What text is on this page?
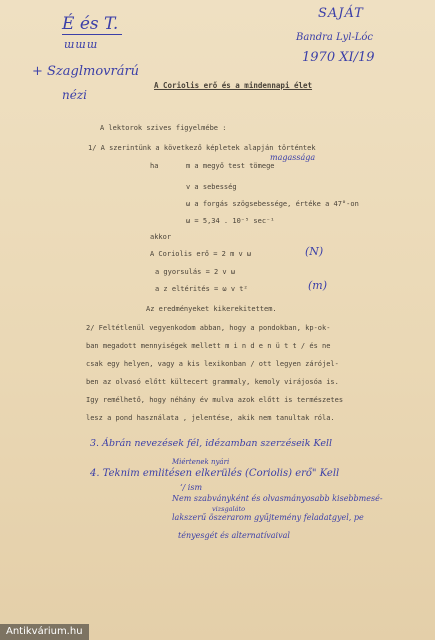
É és T.
ɯɯɯ
+ Szaglmovrárú
nézi
SAJÁT
Bandra Lyl-Lóc
1970 XI/19
A Coriolis erő és a mindennapi élet
A lektorok szives figyelmébe :
1/ A szerintünk a következő képletek alapján történtek
ha	m a megyő test tömege
magassága
v a sebesség
ω a forgás szögsebessége, értéke a 47°-on
ω = 5,34 . 10⁻⁵ sec⁻¹
akkor
A Coriolis erő = 2 m v ω	(N)
a gyorsulás = 2 v ω
a z eltérités = ω v t²	(m)
Az eredményeket kikerekitettem.
2/ Feltétlenül vegyenkodom abban, hogy a pondokban, kp-ok-
ban megadott mennyiségek mellett m i n d e n ü t t / és ne
csak egy helyen, vagy a kis lexikonban / ott legyen zárójel-
ben az olvasó előtt kültecert grammaly, kemoly virájosóa is.
Igy remélhető, hogy néhány év mulva azok előtt is természetes
lesz a pond használata , jelentése, akik nem tanultak róla.
3. Ábrán nevezések fél, idézamban szerzéseik Kell
Miértenek nyári
4. Teknim emlitésen elkerülés (Coriolis) erő" Kell
ʻ/ ism
Nem szabványként és olvasmányosabb kisebbmesé-
vizsgaláto
lakszerű öszerarom gyűjtemény feladatgyel, pe
tényesgét és alternatívaival
Antikvárium.hu
